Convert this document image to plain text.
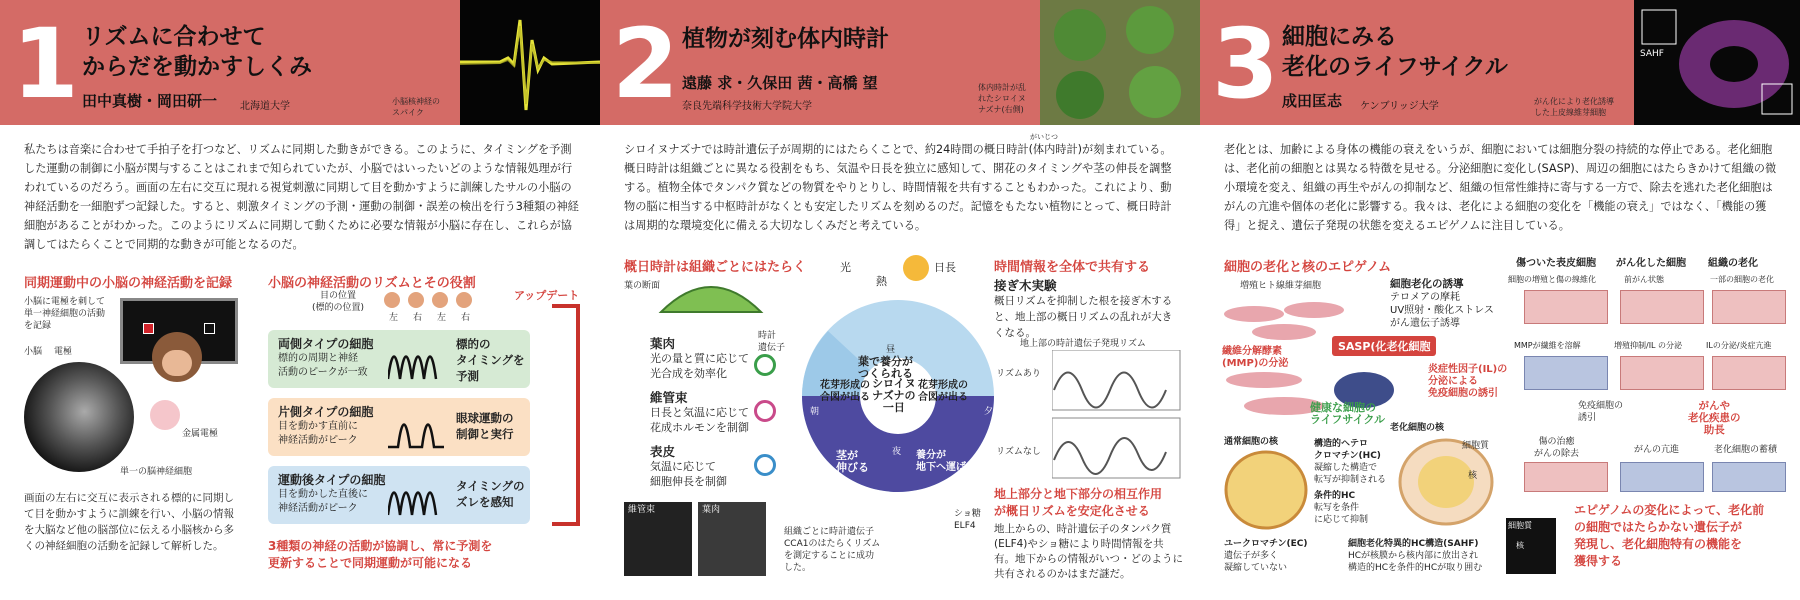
1 リズムに合わせて
からだを動かすしくみ
田中真樹・岡田研一 北海道大学	小脳核神経の
スパイク
私たちは音楽に合わせて手拍子を打つなど、リズムに同期した動きができる。このように、タイミングを予測した運動の制御に小脳が関与することはこれまで知られていたが、小脳ではいったいどのような情報処理が行われているのだろう。画面の左右に交互に現れる視覚刺激に同期して目を動かすように訓練したサルの小脳の神経活動を一細胞ずつ記録した。すると、刺激タイミングの予測・運動の制御・誤差の検出を行う3種類の神経細胞があることがわかった。このようにリズムに同期して動くために必要な情報が小脳に存在し、これらが協調してはたらくことで同期的な動きが可能となるのだ。
同期運動中の小脳の神経活動を記録	小脳の神経活動のリズムとその役割
小脳に電極を刺して
単一神経細胞の活動
を記録
小脳 電極
金属電極
単一の脳神経細胞
目の位置
(標的の位置)
左 右 左 右
アップデート
両側タイプの細胞
標的の周期と神経
活動のピークが一致
標的の
タイミングを
予測
片側タイプの細胞
目を動かす直前に
神経活動がピーク
眼球運動の
制御と実行
運動後タイプの細胞
目を動かした直後に
神経活動がピーク
タイミングの
ズレを感知
画面の左右に交互に表示される標的に同期して目を動かすように訓練を行い、小脳の情報を大脳など他の脳部位に伝える小脳核から多くの神経細胞の活動を記録して解析した。	3種類の神経の活動が協調し、常に予測を
更新することで同期運動が可能になる
2 植物が刻む体内時計
遠藤 求・久保田 茜・高橋 望
奈良先端科学技術大学院大学
体内時計が乱
れたシロイヌ
ナズナ(右側)
がいじつ
シロイヌナズナでは時計遺伝子が周期的にはたらくことで、約24時間の概日時計(体内時計)が刻まれている。概日時計は組織ごとに異なる役割をもち、気温や日長を独立に感知して、開花のタイミングや茎の伸長を調整する。植物全体でタンパク質などの物質をやりとりし、時間情報を共有することもわかった。これにより、動物の脳に相当する中枢時計がなくとも安定したリズムを刻めるのだ。記憶をもたない植物にとって、概日時計は周期的な環境変化に備える大切なしくみだと考えている。
概日時計は組織ごとにはたらく	時間情報を全体で共有する
葉の断面
葉肉
光の量と質に応じて
光合成を効率化
維管束
日長と気温に応じて
花成ホルモンを制御
表皮
気温に応じて
細胞伸長を制御
時計
遺伝子
維管束	葉肉
組織ごとに時計遺伝子
CCA1のはたらくリズム
を測定することに成功
した。
光
熱
日長
葉で養分が
つくられる
昼
花芽形成の
合図が出る
花芽形成の
合図が出る
朝	夕
シロイヌ
ナズナの
一日
夜
茎が
伸びる
養分が
地下へ運ばれる
ショ糖
ELF4
接ぎ木実験
概日リズムを抑制した根を接ぎ木すると、地上部の概日リズムの乱れが大きくなる。
地上部の時計遺伝子発現リズム
リズムあり
リズムなし
地上部分と地下部分の相互作用
が概日リズムを安定化させる
地上からの、時計遺伝子のタンパク質(ELF4)やショ糖により時間情報を共有。地下からの情報がいつ・どのように共有されるのかはまだ謎だ。
3 細胞にみる
老化のライフサイクル
成田匡志 ケンブリッジ大学	がん化により老化誘導
した上皮線維芽細胞
SAHF
老化とは、加齢による身体の機能の衰えをいうが、細胞においては細胞分裂の持続的な停止である。老化細胞は、老化前の細胞とは異なる特徴を見せる。分泌細胞に変化し(SASP)、周辺の細胞にはたらきかけて組織の微小環境を変え、組織の再生やがんの抑制など、組織の恒常性維持に寄与する一方で、除去を逃れた老化細胞はがんの亢進や個体の老化に影響する。我々は、老化による細胞の変化を「機能の衰え」ではなく、「機能の獲得」と捉え、遺伝子発現の状態を変えるエピゲノムに注目している。
細胞の老化と核のエピゲノム
増殖ヒト線維芽細胞	細胞老化の誘導
テロメアの摩耗
UV照射・酸化ストレス
がん遺伝子誘導
繊維分解酵素
(MMP)の分泌
SASP(化老化細胞
炎症性因子(IL)の
分泌による
免疫細胞の誘引
健康な細胞の
ライフサイクル
老化細胞の核
通常細胞の核	構造的ヘテロ
クロマチン(HC)
凝縮した構造で
転写が抑制される
条件的HC
転写を条件
に応じて抑制
細胞質
核
ユークロマチン(EC)
遺伝子が多く
凝縮していない
細胞老化特異的HC構造(SAHF)
HCが核膜から核内部に放出され
構造的HCを条件的HCが取り囲む
細胞質
核
傷ついた表皮細胞 がん化した細胞 組織の老化
細胞の増殖と傷の線維化	前がん状態	一部の細胞の老化
MMPが繊維を溶解	増殖抑制/IL の分泌	ILの分泌/炎症亢進
免疫細胞の
誘引
がんや
老化疾患の
助長
傷の治癒
がんの除去	がんの亢進	老化細胞の蓄積
エピゲノムの変化によって、老化前
の細胞ではたらかない遺伝子が
発現し、老化細胞特有の機能を
獲得する
